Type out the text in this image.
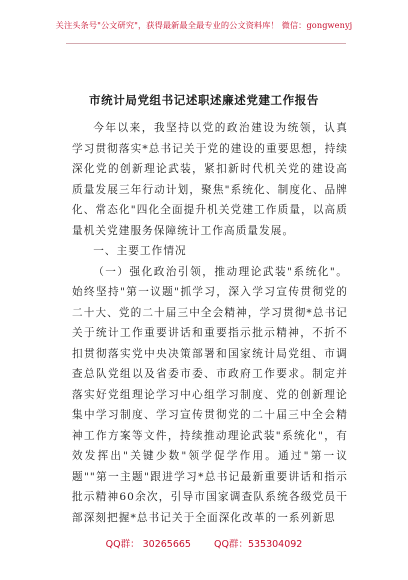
关注头条号"公文研究"，获得最新最全最专业的公文资料库！ 微信：gongwenyj
市统计局党组书记述职述廉述党建工作报告

今年以来，我坚持以党的政治建设为统领，认真学习贯彻落实*总书记关于党的建设的重要思想，持续深化党的创新理论武装，紧扣新时代机关党的建设高质量发展三年行动计划，聚焦"系统化、制度化、品牌化、常态化"四化全面提升机关党建工作质量，以高质量机关党建服务保障统计工作高质量发展。

一、主要工作情况

（一）强化政治引领，推动理论武装"系统化"。始终坚持"第一议题"抓学习，深入学习宣传贯彻党的二十大、党的二十届三中全会精神，学习贯彻*总书记关于统计工作重要讲话和重要指示批示精神，不折不扣贯彻落实党中央决策部署和国家统计局党组、市调查总队党组以及省委市委、市政府工作要求。制定并落实好党组理论学习中心组学习制度、党的创新理论集中学习制度、学习宣传贯彻党的二十届三中全会精神工作方案等文件，持续推动理论武装"系统化"，有效发挥出"关键少数"领学促学作用。通过"第一议题""第一主题"跟进学习*总书记最新重要讲话和指示批示精神60余次，引导市国家调查队系统各级党员干部深刻把握*总书记关于全面深化改革的一系列新思

QQ群： 30265665 QQ群：535304092
